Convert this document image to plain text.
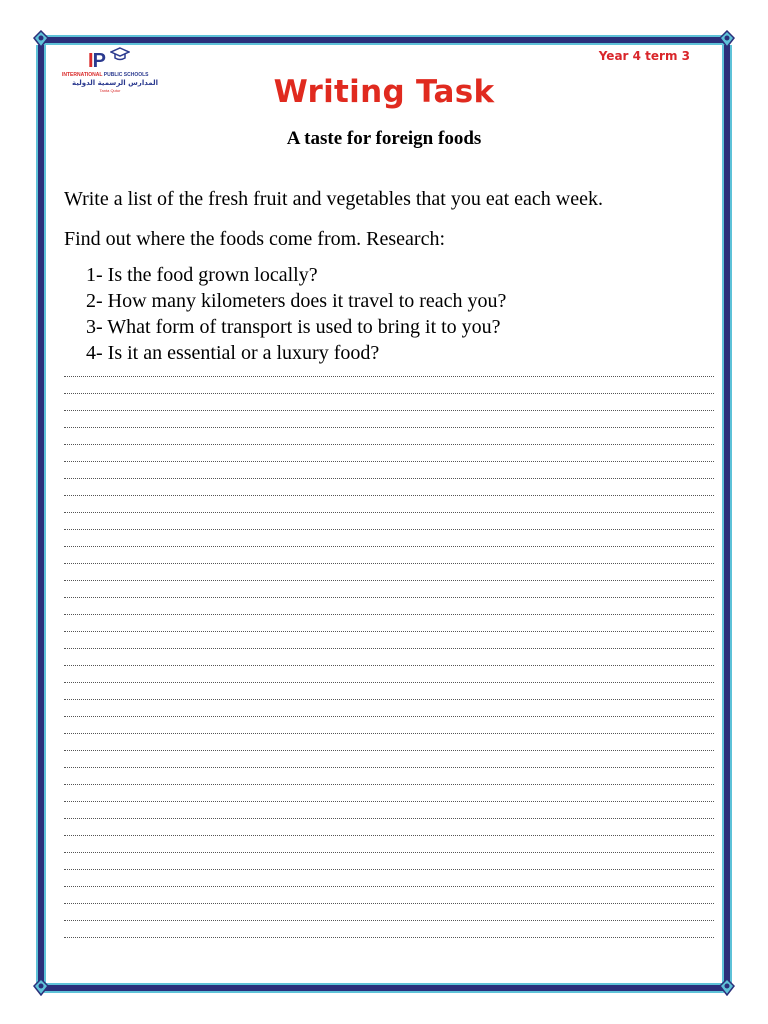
IP
INTERNATIONAL PUBLIC SCHOOLS
المدارس الرسمية الدولية
Tanta Qutur
Year 4 term 3
Writing Task
A taste for foreign foods
Write a list of the fresh fruit and vegetables that you eat each week.
Find out where the foods come from. Research:
1- Is the food grown locally?
2- How many kilometers does it travel to reach you?
3- What form of transport is used to bring it to you?
4- Is it an essential or a luxury food?
